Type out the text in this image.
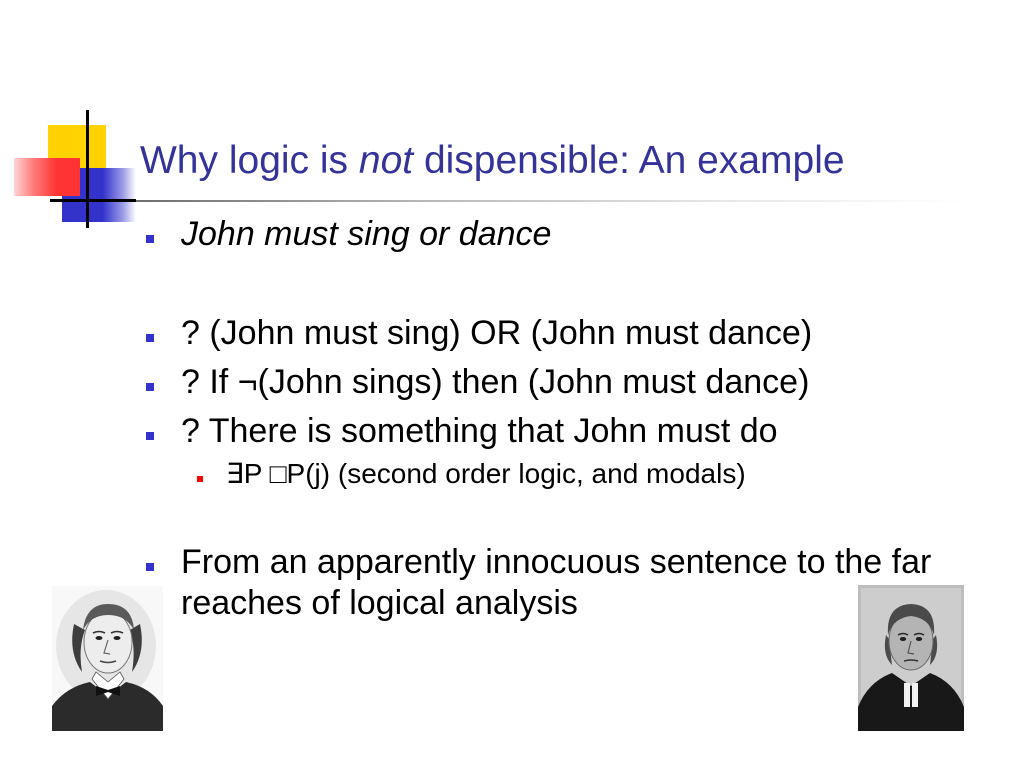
Why logic is not dispensible: An example
John must sing or dance
? (John must sing) OR (John must dance)
? If ¬(John sings) then (John must dance)
? There is something that John must do
∃P □P(j) (second order logic, and modals)
From an apparently innocuous sentence to the far reaches of logical analysis
